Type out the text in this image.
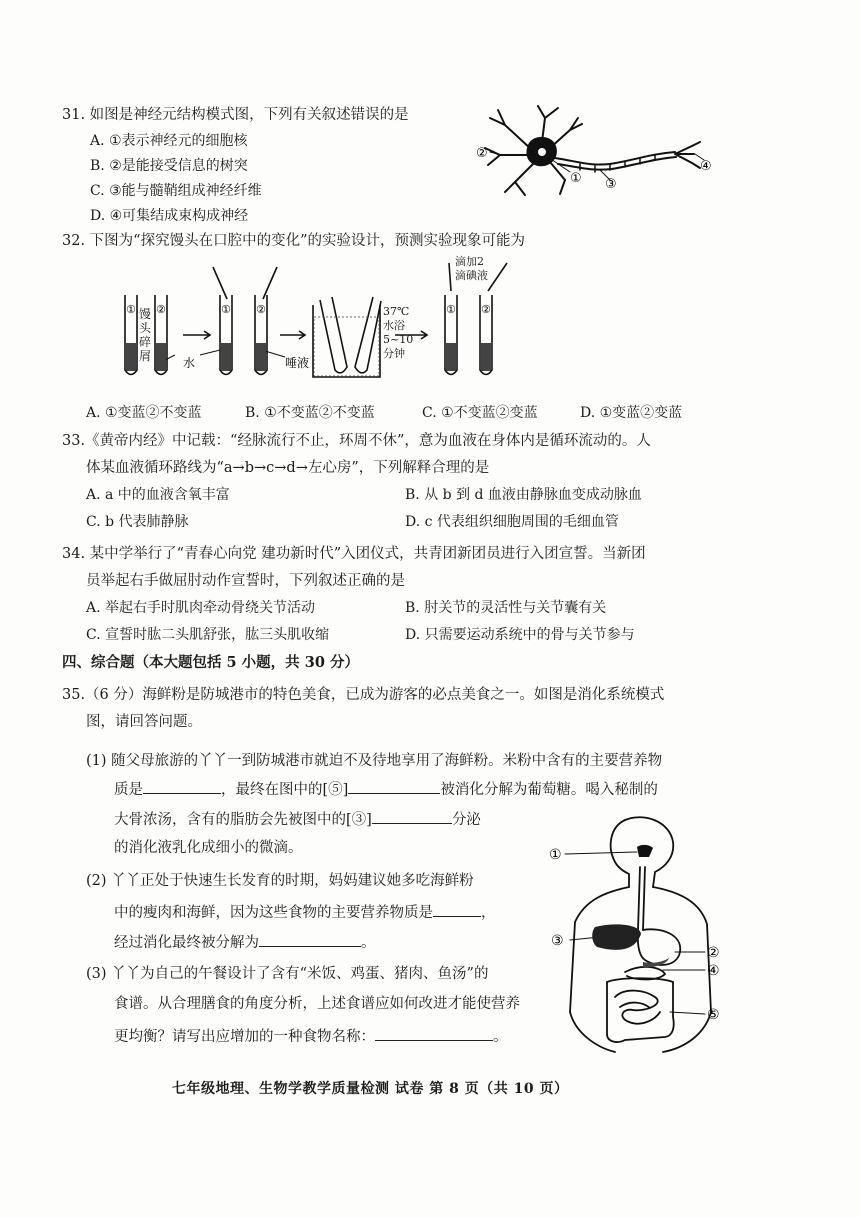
31. 如图是神经元结构模式图，下列有关叙述错误的是
A. ①表示神经元的细胞核
B. ②是能接受信息的树突
C. ③能与髓鞘组成神经纤维
D. ④可集结成束构成神经
②
① ③
④
32. 下图为“探究馒头在口腔中的变化”的实验设计，预测实验现象可能为
① ②	① ②	① ②
馒头碎屑	水	唾液
37℃水浴5~10分钟
滴加2滴碘液
A. ①变蓝②不变蓝	B. ①不变蓝②不变蓝	C. ①不变蓝②变蓝	D. ①变蓝②变蓝
33.《黄帝内经》中记载：“经脉流行不止，环周不休”，意为血液在身体内是循环流动的。人
体某血液循环路线为“a→b→c→d→左心房”，下列解释合理的是
A. a 中的血液含氧丰富	B. 从 b 到 d 血液由静脉血变成动脉血
C. b 代表肺静脉	D. c 代表组织细胞周围的毛细血管
34. 某中学举行了“青春心向党 建功新时代”入团仪式，共青团新团员进行入团宣誓。当新团
员举起右手做屈肘动作宣誓时，下列叙述正确的是
A. 举起右手时肌肉牵动骨绕关节活动	B. 肘关节的灵活性与关节囊有关
C. 宣誓时肱二头肌舒张，肱三头肌收缩	D. 只需要运动系统中的骨与关节参与
四、综合题（本大题包括 5 小题，共 30 分）
35.（6 分）海鲜粉是防城港市的特色美食，已成为游客的必点美食之一。如图是消化系统模式
图，请回答问题。
(1) 随父母旅游的丫丫一到防城港市就迫不及待地享用了海鲜粉。米粉中含有的主要营养物
质是	，最终在图中的[⑤]	被消化分解为葡萄糖。喝入秘制的
大骨浓汤，含有的脂肪会先被图中的[③]	分泌
的消化液乳化成细小的微滴。
(2) 丫丫正处于快速生长发育的时期，妈妈建议她多吃海鲜粉
中的瘦肉和海鲜，因为这些食物的主要营养物质是	，
经过消化最终被分解为	。
(3) 丫丫为自己的午餐设计了含有“米饭、鸡蛋、猪肉、鱼汤”的
食谱。从合理膳食的角度分析，上述食谱应如何改进才能使营养
更均衡？请写出应增加的一种食物名称：	。
①
③
②
④
⑤
七年级地理、生物学教学质量检测 试卷 第 8 页（共 10 页）
